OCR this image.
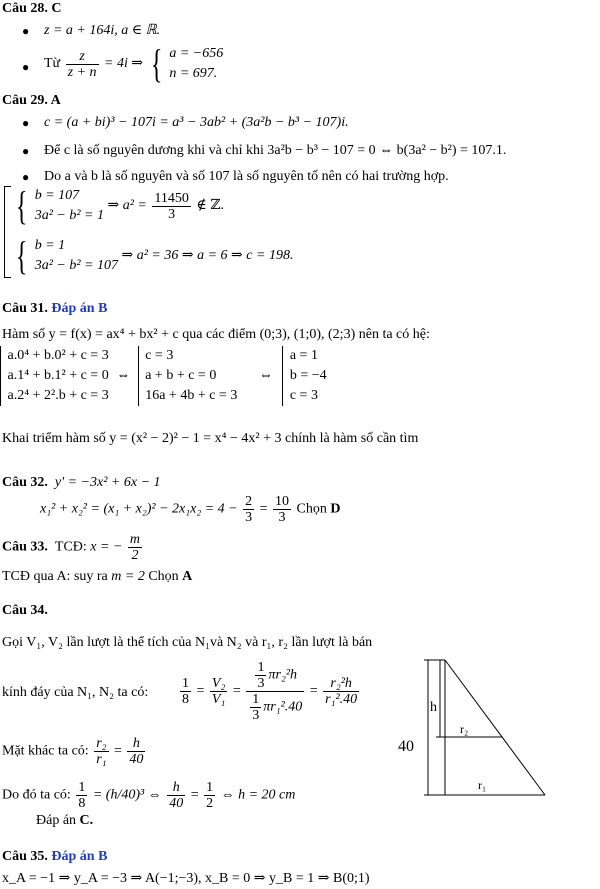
Câu 28. C
● z = a + 164i, a ∈ ℝ.
● Từ $\frac{z}{z + n} = 4i$ ⇒ { a = −656
n = 697.
Câu 29. A
● c = (a + bi)³ − 107i = a³ − 3ab² + (3a²b − b³ − 107)i.
● Để c là số nguyên dương khi và chỉ khi 3a²b − b³ − 107 = 0 ⇔ b(3a² − b²) = 107.1.
● Do a và b là số nguyên và số 107 là số nguyên tố nên có hai trường hợp.
{ b = 107
3a² − b² = 1
⇒ $a^2 = \frac{11450}{3}$ ∉ ℤ.
{ b = 1
3a² − b² = 107
⇒ a² = 36 ⇒ a = 6 ⇒ c = 198.
Câu 31. Đáp án B
Hàm số y = f(x) = ax⁴ + bx² + c qua các điểm (0;3), (1;0), (2;3) nên ta có hệ:

a.0⁴ + b.0² + c = 3
a.1⁴ + b.1² + c = 0
a.2⁴ + 2².b + c = 3
⇔
c = 3
a + b + c = 0
16a + 4b + c = 3
⇔
a = 1
b = −4
c = 3
Khai triểm hàm số y = (x² − 2)² − 1 = x⁴ − 4x² + 3 chính là hàm số cần tìm
Câu 32. y' = −3x² + 6x − 1
$x_1^2 + x_2^2 = (x_1 + x_2)^2 - 2x_1x_2 = 4 - \frac{2}{3} = \frac{10}{3}$ Chọn D
Câu 33. TCĐ: x = − $\frac{m}{2}$
TCĐ qua A: suy ra m = 2 Chọn A
Câu 34.
Gọi V₁, V₂ lần lượt là thể tích của N₁và N₂ và r₁, r₂ lần lượt là bán
kính đáy của N₁, N₂ ta có: $\frac{1}{8} = \frac{\text{V₂}}{\text{V₁}} = \frac{\frac{1}{3} \pi r_2^2h}{\frac{1}{3} \pi r_1^2.40} = \frac{\text{r₂²h}}{\text{r₁².40}}$
Mặt khác ta có: $\frac{\text{r₂}}{\text{r₁}} = \frac{h}{40}$
Do đó ta có: $\frac{1}{8} = (h/40)^3$ ⇔ $\frac{h}{40} = \frac{1}{2}$ ⇔ h = 20 cm
Đáp án C.
h
40
r₂
r₁
Câu 35. Đáp án B
x_A = −1 ⇒ y_A = −3 ⇒ A(−1;−3), x_B = 0 ⇒ y_B = 1 ⇒ B(0;1)
